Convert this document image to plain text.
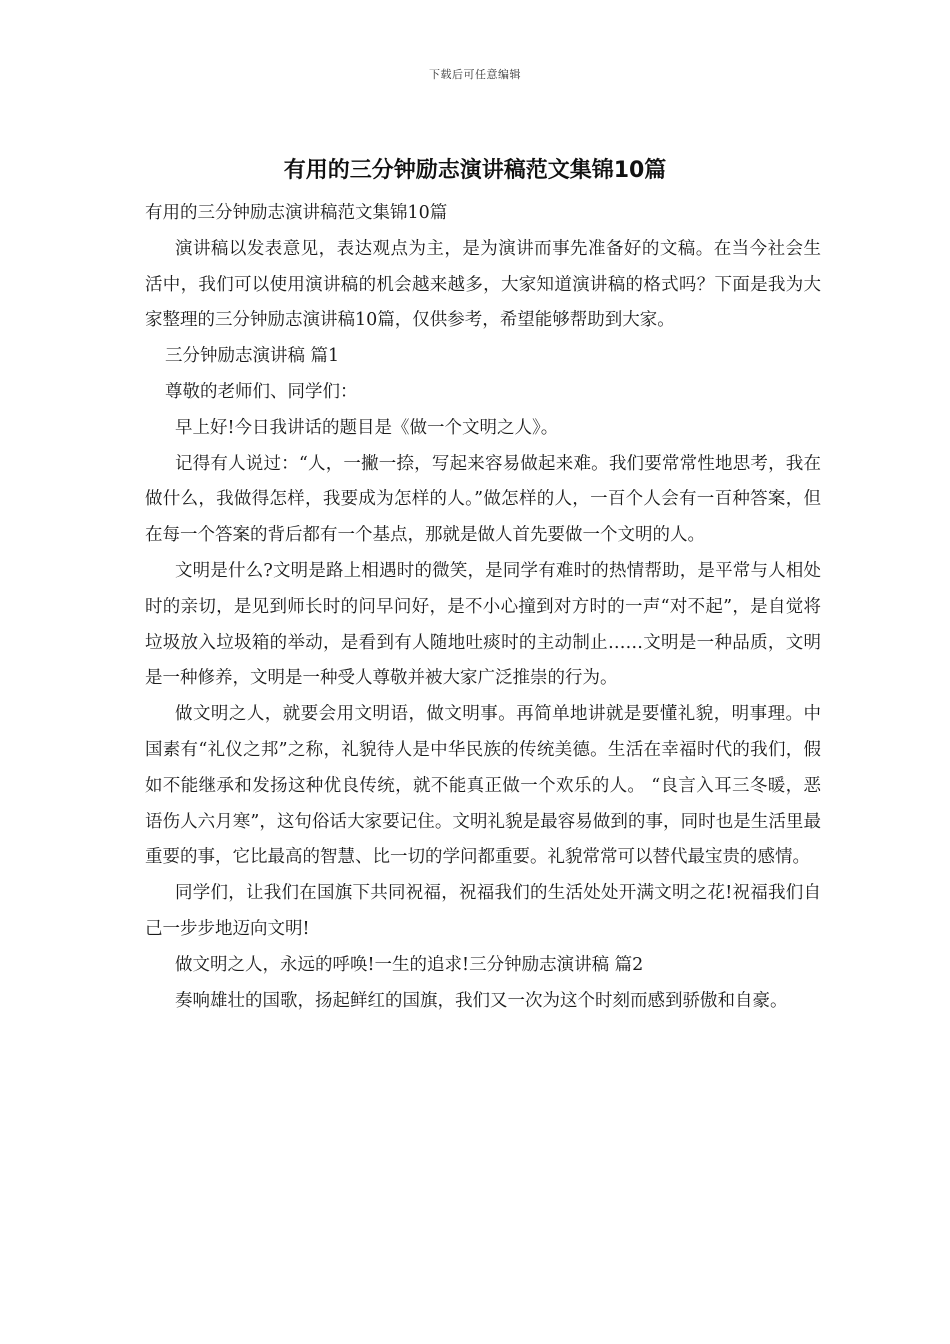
下载后可任意编辑
有用的三分钟励志演讲稿范文集锦10篇

有用的三分钟励志演讲稿范文集锦10篇

演讲稿以发表意见，表达观点为主，是为演讲而事先准备好的文稿。在当今社会生活中，我们可以使用演讲稿的机会越来越多，大家知道演讲稿的格式吗？下面是我为大家整理的三分钟励志演讲稿10篇，仅供参考，希望能够帮助到大家。

三分钟励志演讲稿 篇1

尊敬的老师们、同学们：

早上好!今日我讲话的题目是《做一个文明之人》。

记得有人说过：“人，一撇一捺，写起来容易做起来难。我们要常常性地思考，我在做什么，我做得怎样，我要成为怎样的人。”做怎样的人，一百个人会有一百种答案，但在每一个答案的背后都有一个基点，那就是做人首先要做一个文明的人。

文明是什么?文明是路上相遇时的微笑，是同学有难时的热情帮助，是平常与人相处时的亲切，是见到师长时的问早问好，是不小心撞到对方时的一声“对不起”，是自觉将垃圾放入垃圾箱的举动，是看到有人随地吐痰时的主动制止……文明是一种品质，文明是一种修养，文明是一种受人尊敬并被大家广泛推崇的行为。

做文明之人，就要会用文明语，做文明事。再简单地讲就是要懂礼貌，明事理。中国素有“礼仪之邦”之称，礼貌待人是中华民族的传统美德。生活在幸福时代的我们，假如不能继承和发扬这种优良传统，就不能真正做一个欢乐的人。 “良言入耳三冬暖，恶语伤人六月寒”，这句俗话大家要记住。文明礼貌是最容易做到的事，同时也是生活里最重要的事，它比最高的智慧、比一切的学问都重要。礼貌常常可以替代最宝贵的感情。

同学们，让我们在国旗下共同祝福，祝福我们的生活处处开满文明之花!祝福我们自己一步步地迈向文明!

做文明之人，永远的呼唤!一生的追求!三分钟励志演讲稿 篇2

奏响雄壮的国歌，扬起鲜红的国旗，我们又一次为这个时刻而感到骄傲和自豪。
